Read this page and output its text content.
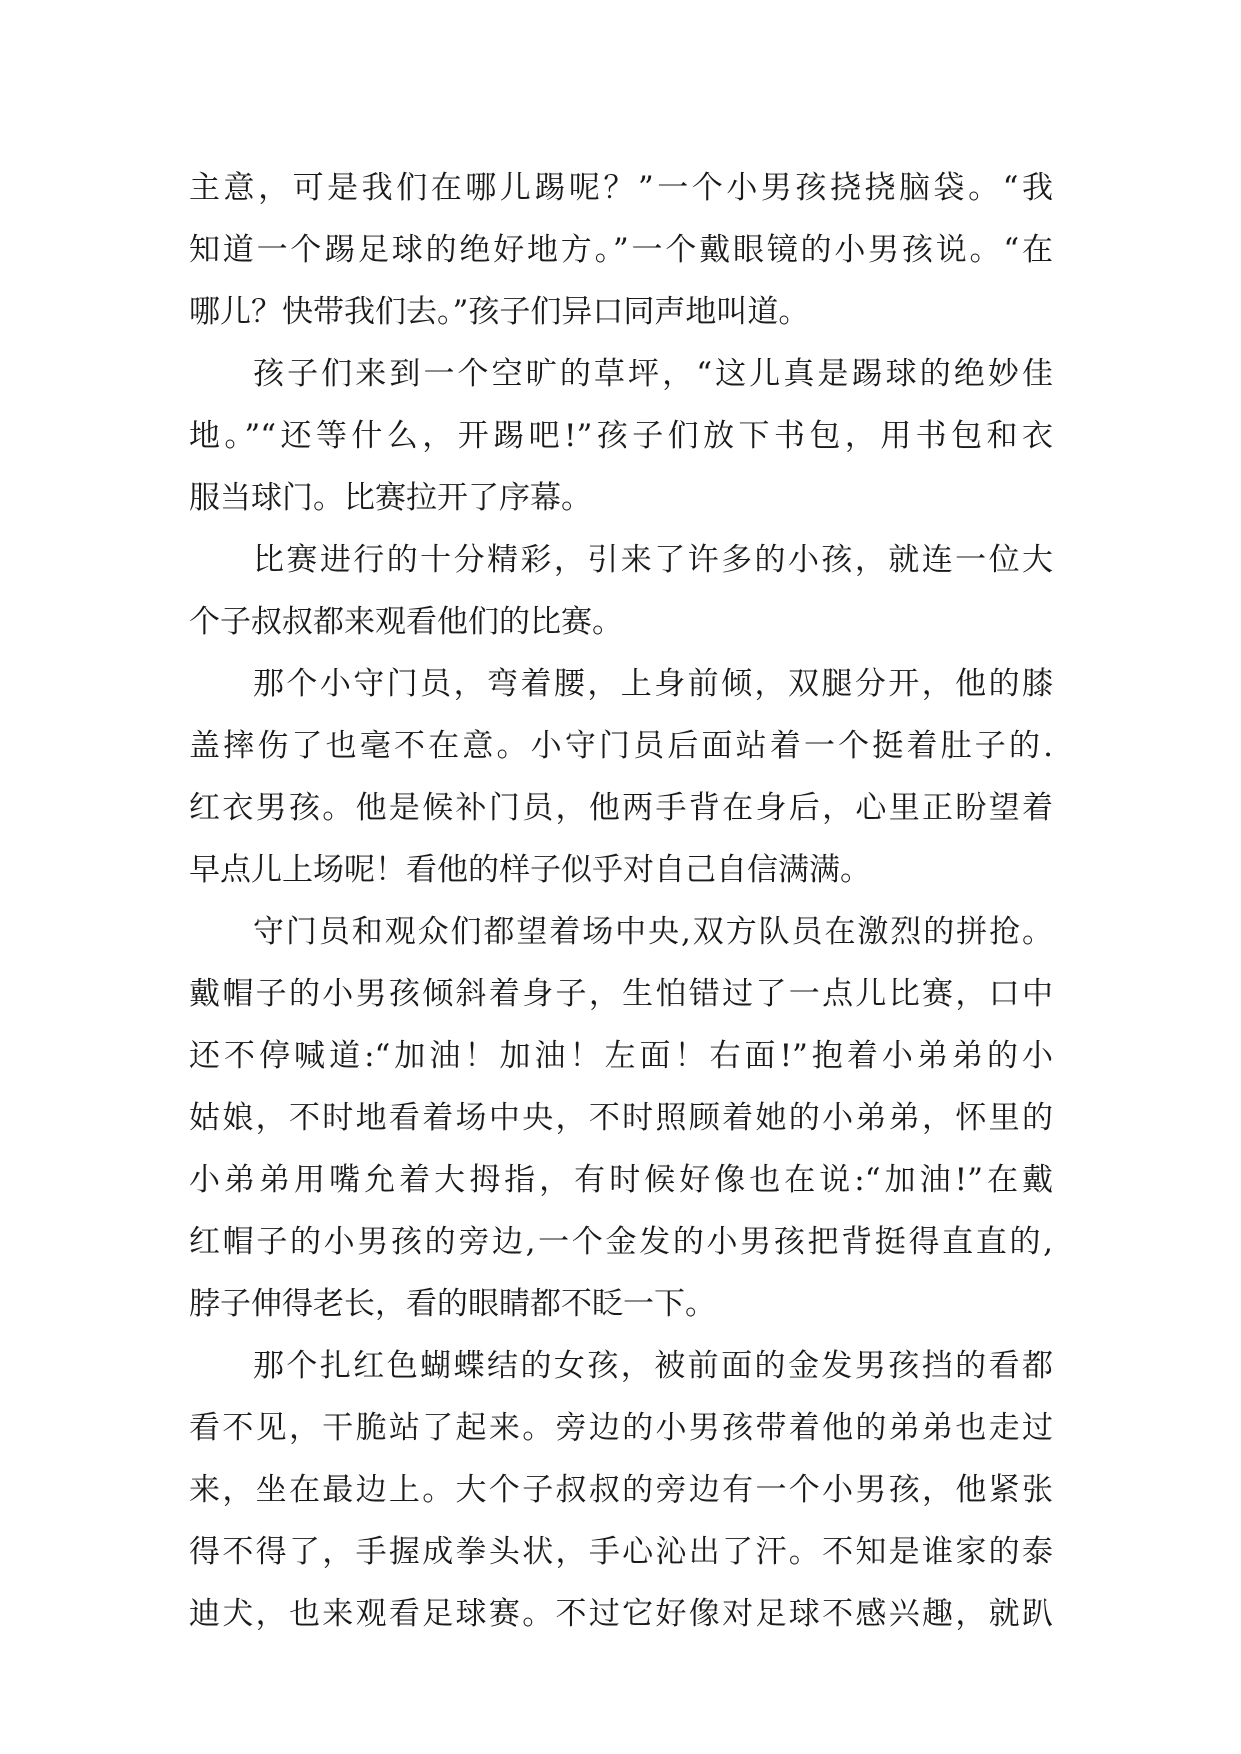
主意，可是我们在哪儿踢呢？”一个小男孩挠挠脑袋。“我
知道一个踢足球的绝好地方。”一个戴眼镜的小男孩说。“在
哪儿？快带我们去。”孩子们异口同声地叫道。
孩子们来到一个空旷的草坪，“这儿真是踢球的绝妙佳
地。”“还等什么，开踢吧!”孩子们放下书包，用书包和衣
服当球门。比赛拉开了序幕。
比赛进行的十分精彩，引来了许多的小孩，就连一位大
个子叔叔都来观看他们的比赛。
那个小守门员，弯着腰，上身前倾，双腿分开，他的膝
盖摔伤了也毫不在意。小守门员后面站着一个挺着肚子的.
红衣男孩。他是候补门员，他两手背在身后，心里正盼望着
早点儿上场呢！看他的样子似乎对自己自信满满。
守门员和观众们都望着场中央,双方队员在激烈的拼抢。
戴帽子的小男孩倾斜着身子，生怕错过了一点儿比赛，口中
还不停喊道:“加油！加油！左面！右面!”抱着小弟弟的小
姑娘，不时地看着场中央，不时照顾着她的小弟弟，怀里的
小弟弟用嘴允着大拇指，有时候好像也在说:“加油!”在戴
红帽子的小男孩的旁边,一个金发的小男孩把背挺得直直的,
脖子伸得老长，看的眼睛都不眨一下。
那个扎红色蝴蝶结的女孩，被前面的金发男孩挡的看都
看不见，干脆站了起来。旁边的小男孩带着他的弟弟也走过
来，坐在最边上。大个子叔叔的旁边有一个小男孩，他紧张
得不得了，手握成拳头状，手心沁出了汗。不知是谁家的泰
迪犬，也来观看足球赛。不过它好像对足球不感兴趣，就趴
